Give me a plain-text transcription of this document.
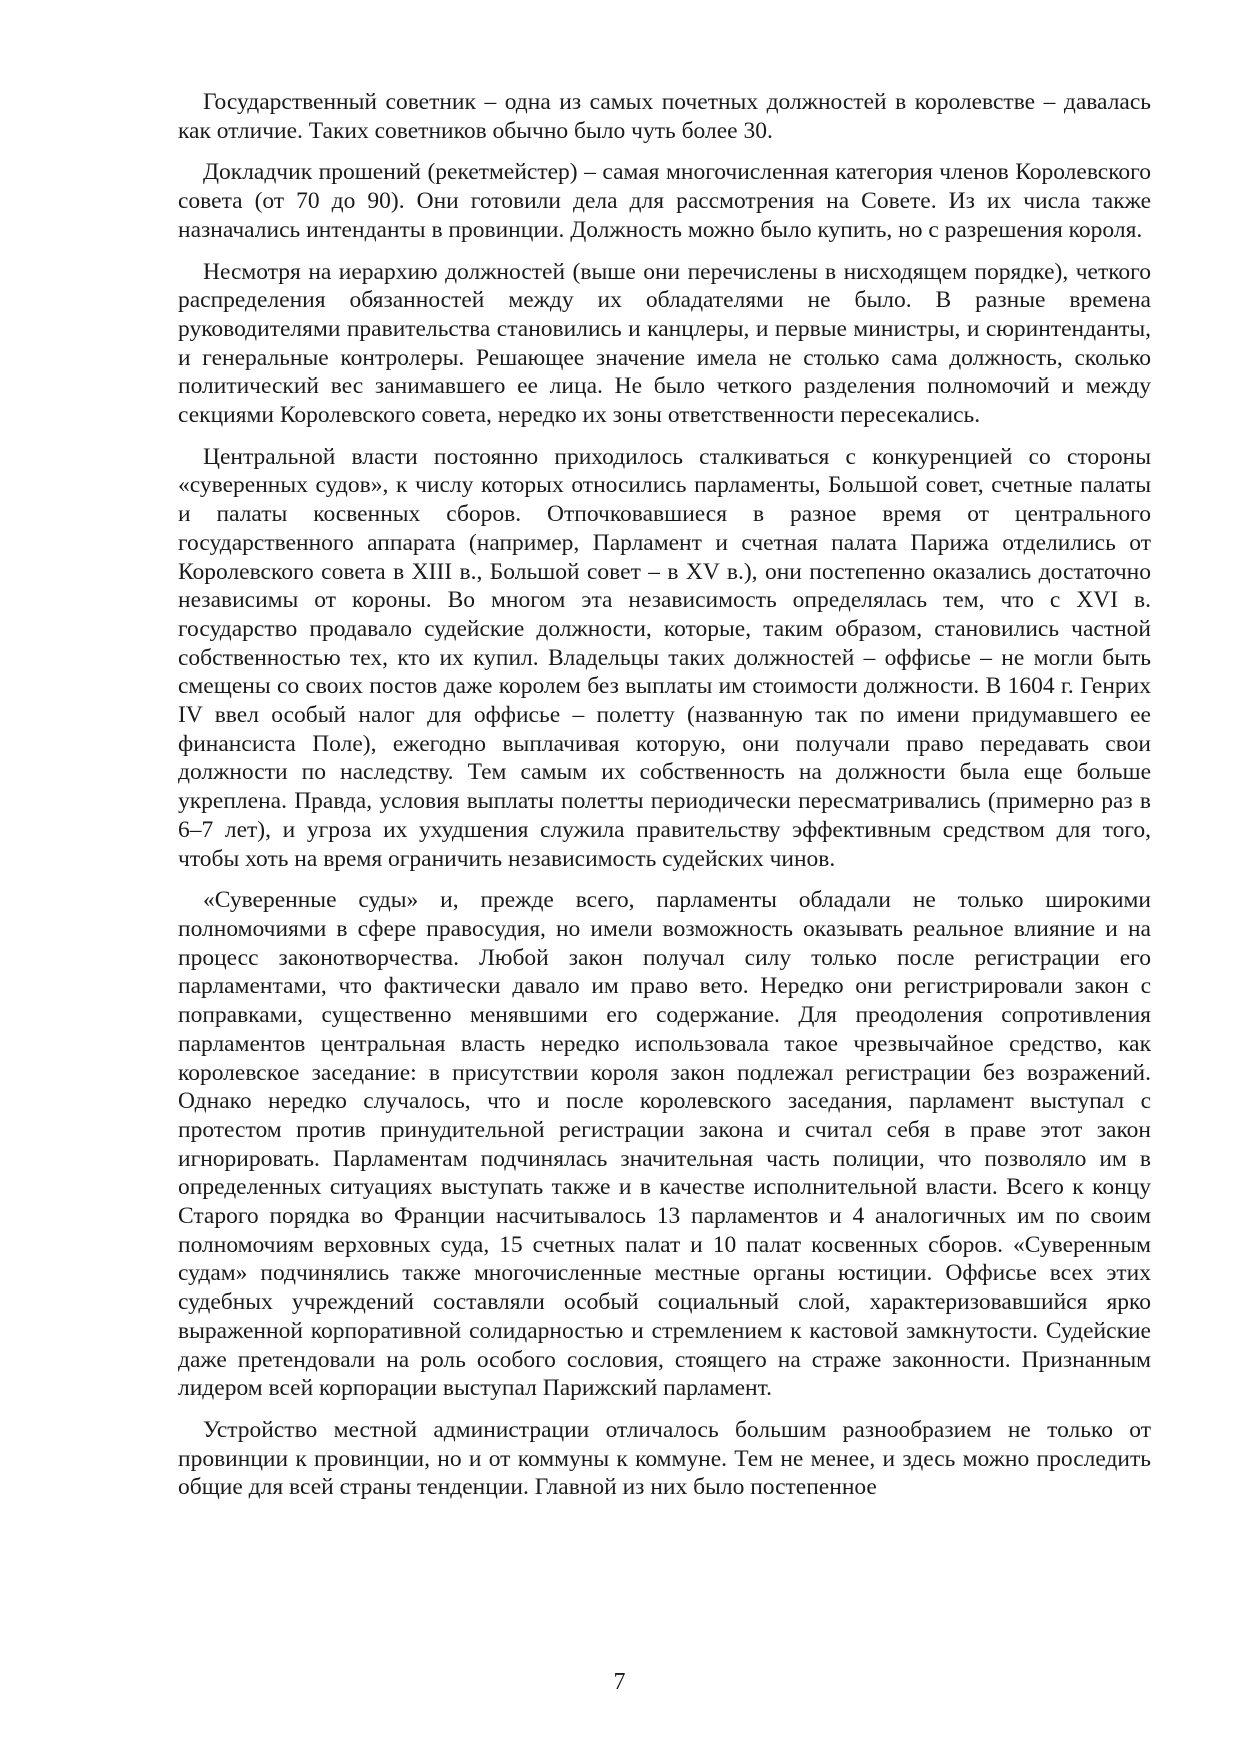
Государственный советник – одна из самых почетных должностей в королевстве – давалась как отличие. Таких советников обычно было чуть более 30.

Докладчик прошений (рекетмейстер) – самая многочисленная категория членов Королевского совета (от 70 до 90). Они готовили дела для рассмотрения на Совете. Из их числа также назначались интенданты в провинции. Должность можно было купить, но с разрешения короля.

Несмотря на иерархию должностей (выше они перечислены в нисходящем порядке), четкого распределения обязанностей между их обладателями не было. В разные времена руководителями правительства становились и канцлеры, и первые министры, и сюринтенданты, и генеральные контролеры. Решающее значение имела не столько сама должность, сколько политический вес занимавшего ее лица. Не было четкого разделения полномочий и между секциями Королевского совета, нередко их зоны ответственности пересекались.

Центральной власти постоянно приходилось сталкиваться с конкуренцией со стороны «суверенных судов», к числу которых относились парламенты, Большой совет, счетные палаты и палаты косвенных сборов. Отпочковавшиеся в разное время от центрального государственного аппарата (например, Парламент и счетная палата Парижа отделились от Королевского совета в XIII в., Большой совет – в XV в.), они постепенно оказались достаточно независимы от короны. Во многом эта независимость определялась тем, что с XVI в. государство продавало судейские должности, которые, таким образом, становились частной собственностью тех, кто их купил. Владельцы таких должностей – оффисье – не могли быть смещены со своих постов даже королем без выплаты им стоимости должности. В 1604 г. Генрих IV ввел особый налог для оффисье – полетту (названную так по имени придумавшего ее финансиста Поле), ежегодно выплачивая которую, они получали право передавать свои должности по наследству. Тем самым их собственность на должности была еще больше укреплена. Правда, условия выплаты полетты периодически пересматривались (примерно раз в 6–7 лет), и угроза их ухудшения служила правительству эффективным средством для того, чтобы хоть на время ограничить независимость судейских чинов.

«Суверенные суды» и, прежде всего, парламенты обладали не только широкими полномочиями в сфере правосудия, но имели возможность оказывать реальное влияние и на процесс законотворчества. Любой закон получал силу только после регистрации его парламентами, что фактически давало им право вето. Нередко они регистрировали закон с поправками, существенно менявшими его содержание. Для преодоления сопротивления парламентов центральная власть нередко использовала такое чрезвычайное средство, как королевское заседание: в присутствии короля закон подлежал регистрации без возражений. Однако нередко случалось, что и после королевского заседания, парламент выступал с протестом против принудительной регистрации закона и считал себя в праве этот закон игнорировать. Парламентам подчинялась значительная часть полиции, что позволяло им в определенных ситуациях выступать также и в качестве исполнительной власти. Всего к концу Старого порядка во Франции насчитывалось 13 парламентов и 4 аналогичных им по своим полномочиям верховных суда, 15 счетных палат и 10 палат косвенных сборов. «Суверенным судам» подчинялись также многочисленные местные органы юстиции. Оффисье всех этих судебных учреждений составляли особый социальный слой, характеризовавшийся ярко выраженной корпоративной солидарностью и стремлением к кастовой замкнутости. Судейские даже претендовали на роль особого сословия, стоящего на страже законности. Признанным лидером всей корпорации выступал Парижский парламент.

Устройство местной администрации отличалось большим разнообразием не только от провинции к провинции, но и от коммуны к коммуне. Тем не менее, и здесь можно проследить общие для всей страны тенденции. Главной из них было постепенное

7
